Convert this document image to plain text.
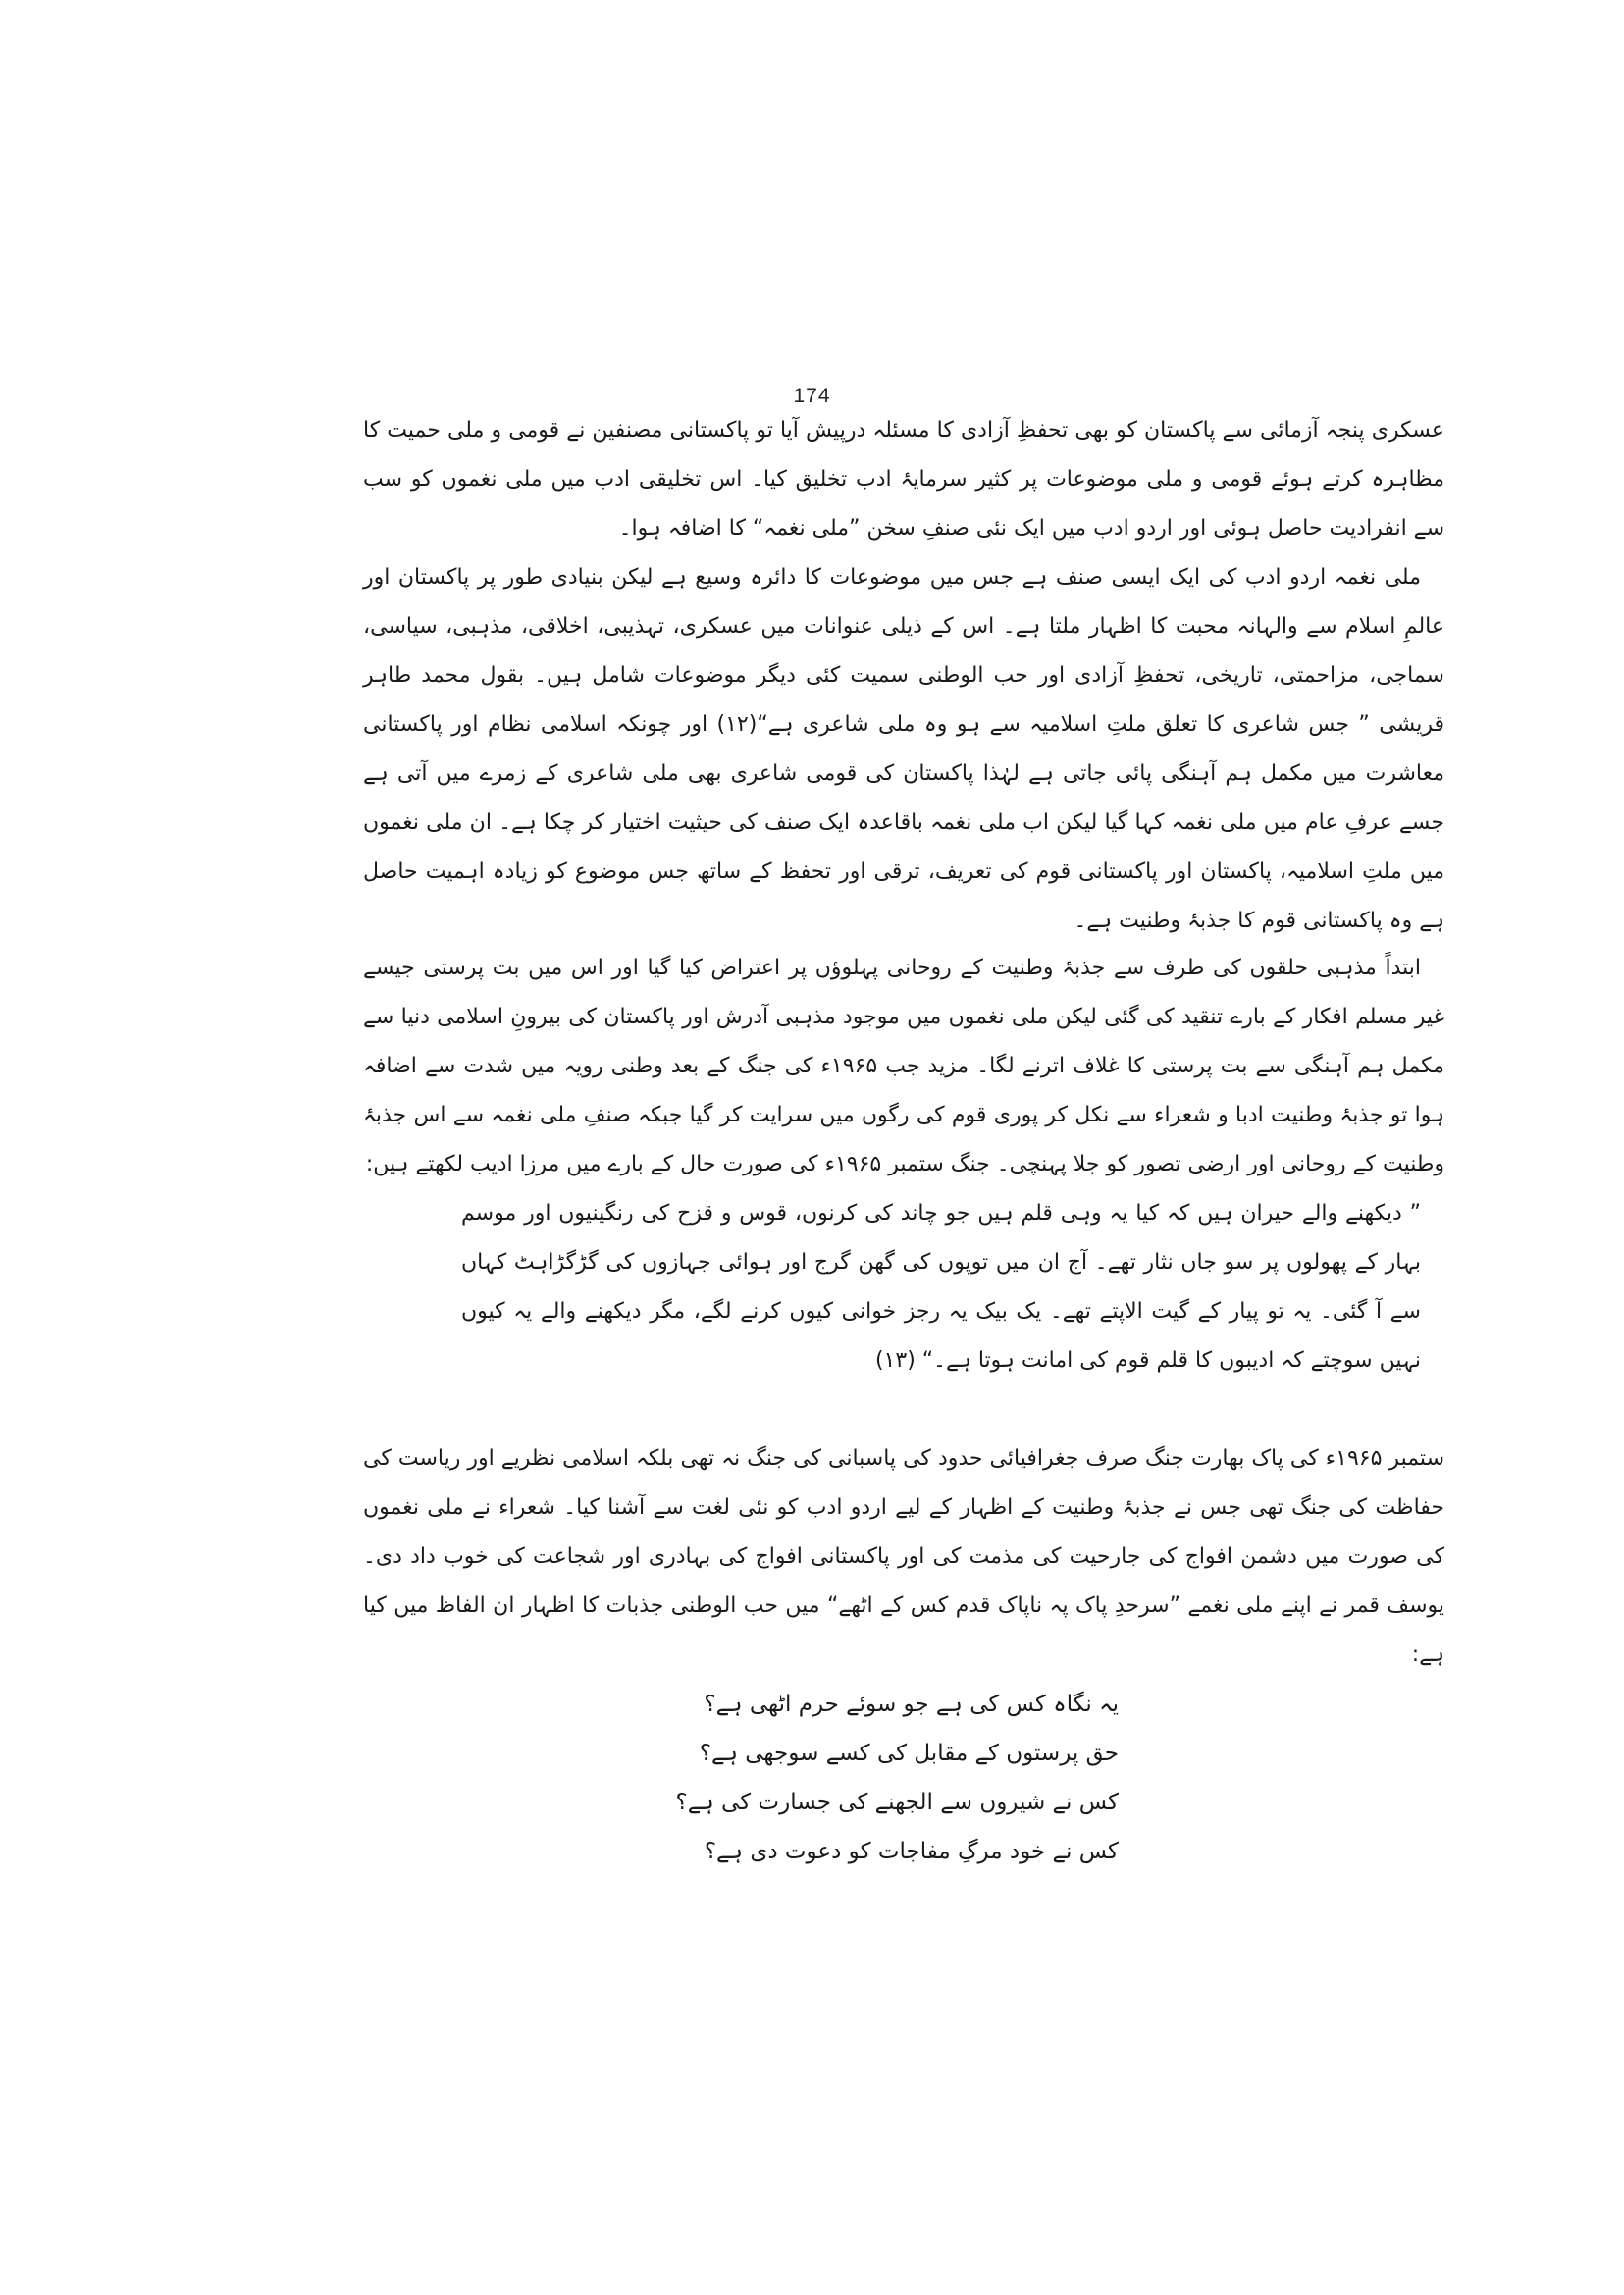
174

عسکری پنجہ آزمائی سے پاکستان کو بھی تحفظِ آزادی کا مسئلہ درپیش آیا تو پاکستانی مصنفین نے قومی و ملی حمیت کا مظاہرہ کرتے ہوئے قومی و ملی موضوعات پر کثیر سرمایۂ ادب تخلیق کیا۔ اس تخلیقی ادب میں ملی نغموں کو سب سے انفرادیت حاصل ہوئی اور اردو ادب میں ایک نئی صنفِ سخن ”ملی نغمہ“ کا اضافہ ہوا۔

ملی نغمہ اردو ادب کی ایک ایسی صنف ہے جس میں موضوعات کا دائرہ وسیع ہے لیکن بنیادی طور پر پاکستان اور عالمِ اسلام سے والہانہ محبت کا اظہار ملتا ہے۔ اس کے ذیلی عنوانات میں عسکری، تہذیبی، اخلاقی، مذہبی، سیاسی، سماجی، مزاحمتی، تاریخی، تحفظِ آزادی اور حب الوطنی سمیت کئی دیگر موضوعات شامل ہیں۔ بقول محمد طاہر قریشی ” جس شاعری کا تعلق ملتِ اسلامیہ سے ہو وہ ملی شاعری ہے“(۱۲) اور چونکہ اسلامی نظام اور پاکستانی معاشرت میں مکمل ہم آہنگی پائی جاتی ہے لہٰذا پاکستان کی قومی شاعری بھی ملی شاعری کے زمرے میں آتی ہے جسے عرفِ عام میں ملی نغمہ کہا گیا لیکن اب ملی نغمہ باقاعدہ ایک صنف کی حیثیت اختیار کر چکا ہے۔ ان ملی نغموں میں ملتِ اسلامیہ، پاکستان اور پاکستانی قوم کی تعریف، ترقی اور تحفظ کے ساتھ جس موضوع کو زیادہ اہمیت حاصل ہے وہ پاکستانی قوم کا جذبۂ وطنیت ہے۔

ابتداً مذہبی حلقوں کی طرف سے جذبۂ وطنیت کے روحانی پہلوؤں پر اعتراض کیا گیا اور اس میں بت پرستی جیسے غیر مسلم افکار کے بارے تنقید کی گئی لیکن ملی نغموں میں موجود مذہبی آدرش اور پاکستان کی بیرونِ اسلامی دنیا سے مکمل ہم آہنگی سے بت پرستی کا غلاف اترنے لگا۔ مزید جب ۱۹۶۵ء کی جنگ کے بعد وطنی رویہ میں شدت سے اضافہ ہوا تو جذبۂ وطنیت ادبا و شعراء سے نکل کر پوری قوم کی رگوں میں سرایت کر گیا جبکہ صنفِ ملی نغمہ سے اس جذبۂ وطنیت کے روحانی اور ارضی تصور کو جلا پہنچی۔ جنگ ستمبر ۱۹۶۵ء کی صورت حال کے بارے میں مرزا ادیب لکھتے ہیں:

” دیکھنے والے حیران ہیں کہ کیا یہ وہی قلم ہیں جو چاند کی کرنوں، قوس و قزح کی رنگینیوں اور موسم بہار کے پھولوں پر سو جاں نثار تھے۔ آج ان میں توپوں کی گھن گرج اور ہوائی جہازوں کی گڑگڑاہٹ کہاں سے آ گئی۔ یہ تو پیار کے گیت الاپتے تھے۔ یک بیک یہ رجز خوانی کیوں کرنے لگے، مگر دیکھنے والے یہ کیوں نہیں سوچتے کہ ادیبوں کا قلم قوم کی امانت ہوتا ہے۔“ (۱۳)

ستمبر ۱۹۶۵ء کی پاک بھارت جنگ صرف جغرافیائی حدود کی پاسبانی کی جنگ نہ تھی بلکہ اسلامی نظریے اور ریاست کی حفاظت کی جنگ تھی جس نے جذبۂ وطنیت کے اظہار کے لیے اردو ادب کو نئی لغت سے آشنا کیا۔ شعراء نے ملی نغموں کی صورت میں دشمن افواج کی جارحیت کی مذمت کی اور پاکستانی افواج کی بہادری اور شجاعت کی خوب داد دی۔ یوسف قمر نے اپنے ملی نغمے ”سرحدِ پاک پہ ناپاک قدم کس کے اٹھے“ میں حب الوطنی جذبات کا اظہار ان الفاظ میں کیا ہے:

یہ نگاہ کس کی ہے جو سوئے حرم اٹھی ہے؟
حق پرستوں کے مقابل کی کسے سوجھی ہے؟
کس نے شیروں سے الجھنے کی جسارت کی ہے؟
کس نے خود مرگِ مفاجات کو دعوت دی ہے؟
